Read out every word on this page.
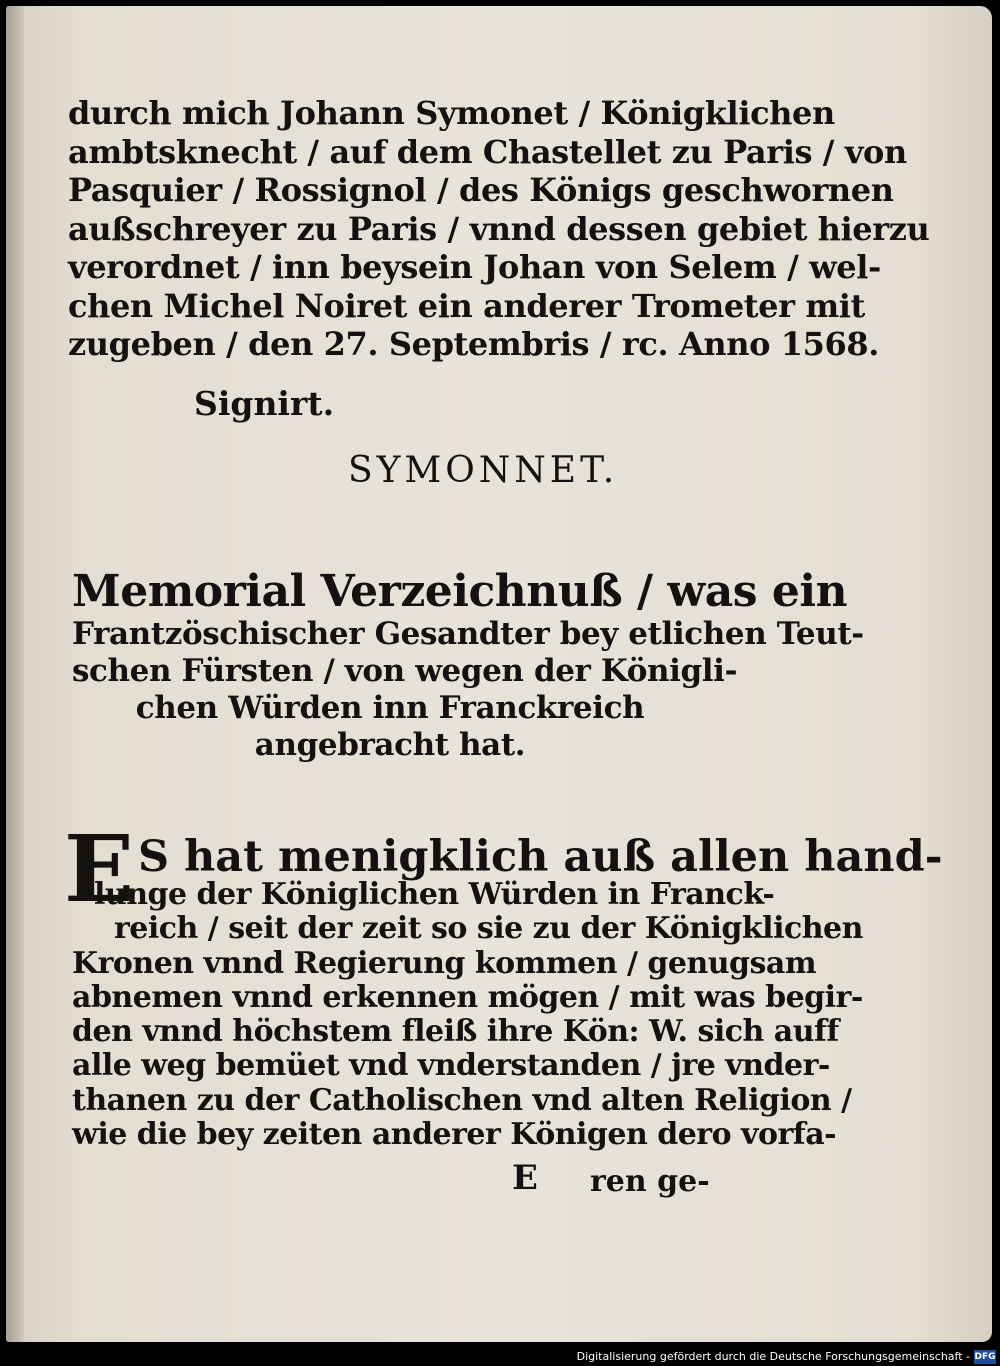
durch mich Johann Symonet / Königklichen
ambtsknecht / auf dem Chastellet zu Paris / von
Pasquier / Rossignol / des Königs geschwornen
außschreyer zu Paris / vnnd dessen gebiet hierzu
verordnet / inn beysein Johan von Selem / wel-
chen Michel Noiret ein anderer Trometer mit
zugeben / den 27. Septembris / rc. Anno 1568.
Signirt.
SYMONNET.
Memorial Verzeichnuß / was ein
Frantzöschischer Gesandter bey etlichen Teut-
schen Fürsten / von wegen der Königli-
chen Würden inn Franckreich
angebracht hat.
E S hat menigklich auß allen hand-
lunge der Königlichen Würden in Franck-
reich / seit der zeit so sie zu der Königklichen
Kronen vnnd Regierung kommen / genugsam
abnemen vnnd erkennen mögen / mit was begir-
den vnnd höchstem fleiß ihre Kön: W. sich auff
alle weg bemüet vnd vnderstanden / jre vnder-
thanen zu der Catholischen vnd alten Religion /
wie die bey zeiten anderer Königen dero vorfa-
E ren ge-
Digitalisierung gefördert durch die Deutsche Forschungsgemeinschaft - DFG
